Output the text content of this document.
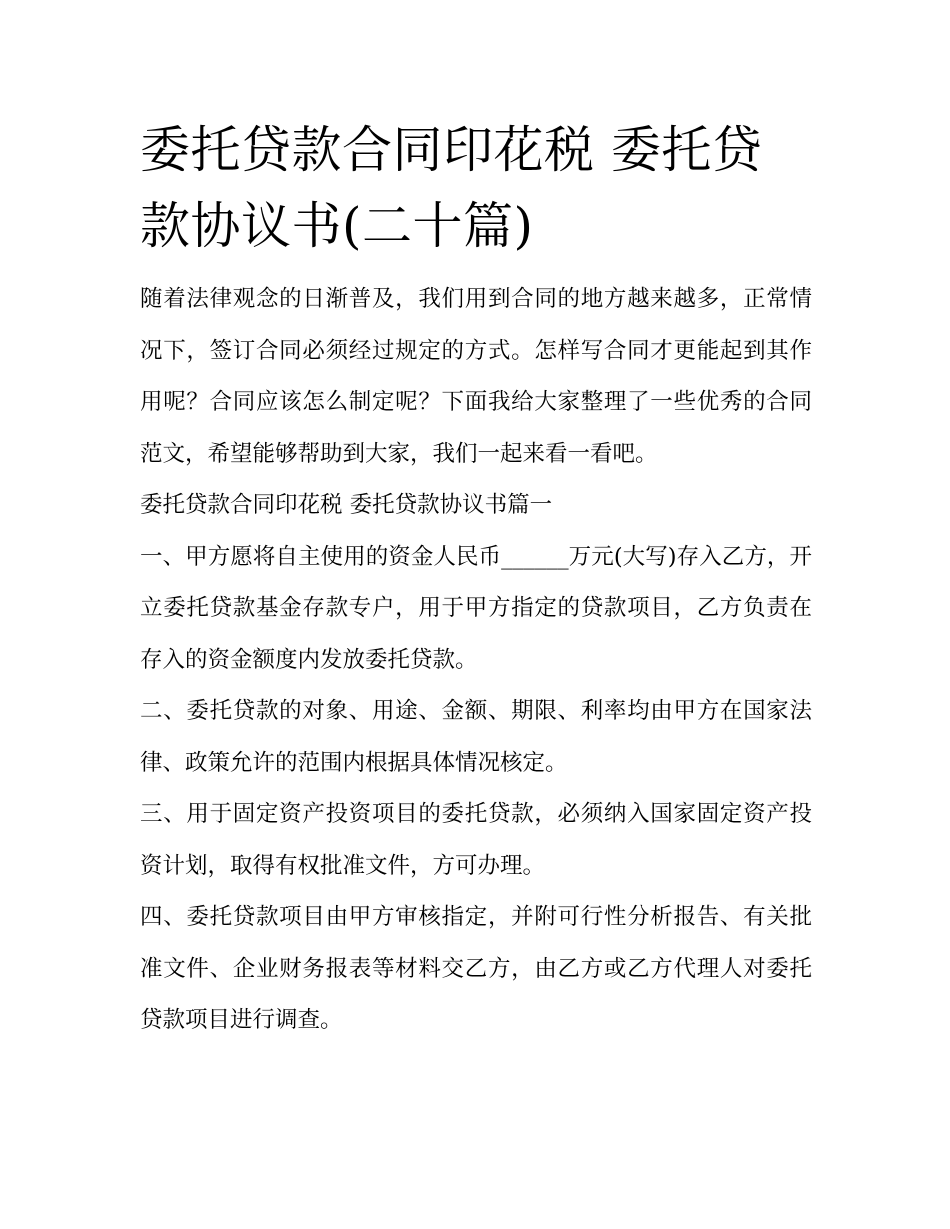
委托贷款合同印花税 委托贷款协议书(二十篇)

随着法律观念的日渐普及，我们用到合同的地方越来越多，正常情况下，签订合同必须经过规定的方式。怎样写合同才更能起到其作用呢？合同应该怎么制定呢？下面我给大家整理了一些优秀的合同范文，希望能够帮助到大家，我们一起来看一看吧。

委托贷款合同印花税 委托贷款协议书篇一

一、甲方愿将自主使用的资金人民币______万元(大写)存入乙方，开立委托贷款基金存款专户，用于甲方指定的贷款项目，乙方负责在存入的资金额度内发放委托贷款。

二、委托贷款的对象、用途、金额、期限、利率均由甲方在国家法律、政策允许的范围内根据具体情况核定。

三、用于固定资产投资项目的委托贷款，必须纳入国家固定资产投资计划，取得有权批准文件，方可办理。

四、委托贷款项目由甲方审核指定，并附可行性分析报告、有关批准文件、企业财务报表等材料交乙方，由乙方或乙方代理人对委托贷款项目进行调查。
